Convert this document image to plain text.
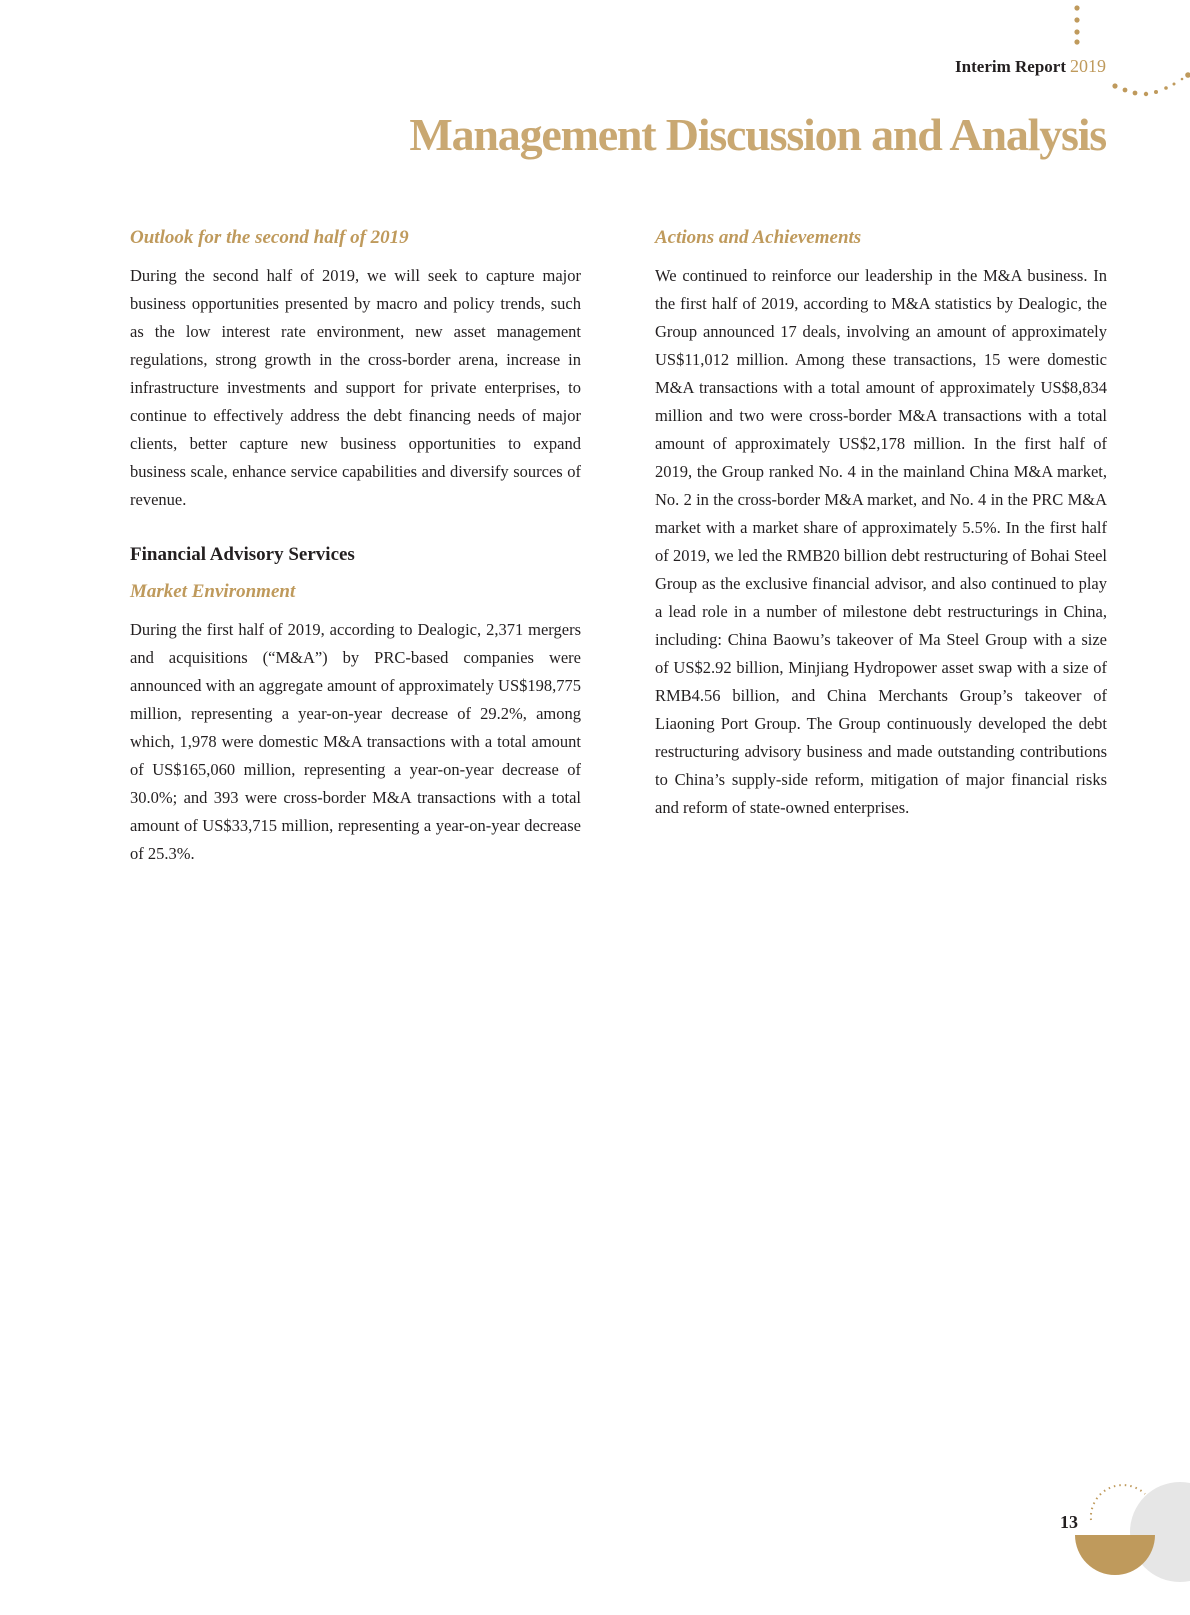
Interim Report 2019
Management Discussion and Analysis
Outlook for the second half of 2019

During the second half of 2019, we will seek to capture major business opportunities presented by macro and policy trends, such as the low interest rate environment, new asset management regulations, strong growth in the cross-border arena, increase in infrastructure investments and support for private enterprises, to continue to effectively address the debt financing needs of major clients, better capture new business opportunities to expand business scale, enhance service capabilities and diversify sources of revenue.

Financial Advisory Services
Market Environment

During the first half of 2019, according to Dealogic, 2,371 mergers and acquisitions (“M&A”) by PRC-based companies were announced with an aggregate amount of approximately US$198,775 million, representing a year-on-year decrease of 29.2%, among which, 1,978 were domestic M&A transactions with a total amount of US$165,060 million, representing a year-on-year decrease of 30.0%; and 393 were cross-border M&A transactions with a total amount of US$33,715 million, representing a year-on-year decrease of 25.3%.

Actions and Achievements

We continued to reinforce our leadership in the M&A business. In the first half of 2019, according to M&A statistics by Dealogic, the Group announced 17 deals, involving an amount of approximately US$11,012 million. Among these transactions, 15 were domestic M&A transactions with a total amount of approximately US$8,834 million and two were cross-border M&A transactions with a total amount of approximately US$2,178 million. In the first half of 2019, the Group ranked No. 4 in the mainland China M&A market, No. 2 in the cross-border M&A market, and No. 4 in the PRC M&A market with a market share of approximately 5.5%. In the first half of 2019, we led the RMB20 billion debt restructuring of Bohai Steel Group as the exclusive financial advisor, and also continued to play a lead role in a number of milestone debt restructurings in China, including: China Baowu’s takeover of Ma Steel Group with a size of US$2.92 billion, Minjiang Hydropower asset swap with a size of RMB4.56 billion, and China Merchants Group’s takeover of Liaoning Port Group. The Group continuously developed the debt restructuring advisory business and made outstanding contributions to China’s supply-side reform, mitigation of major financial risks and reform of state-owned enterprises.

13
